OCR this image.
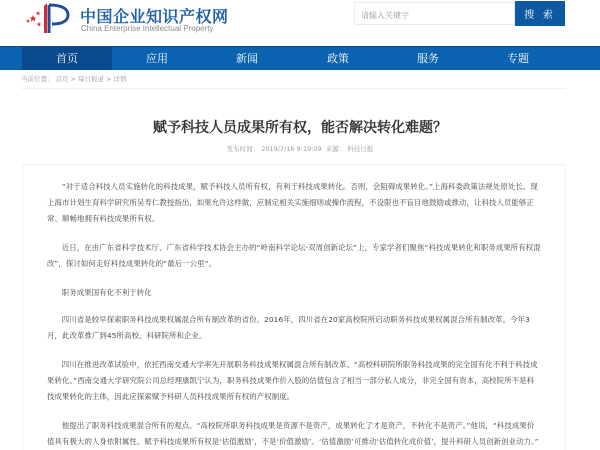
中国企业知识产权网
China Enterprise Intellectual Property
请输入关键字
搜 索
首页	应用	新闻	政策	服务	专题
当前位置： 首页 > 每日报道 > 详情
赋予科技人员成果所有权，能否解决转化难题？
发布时间： 2019/7/16 9:19:09 来源： 科技日报

“对于适合科技人员实施转化的科技成果，赋予科技人员所有权，有利于科技成果转化。否则，会阻碍成果转化。”上海科委政策法规处原处长、现上海市计划生育科学研究所吴寿仁教授指出，如果允许这样做，应制定相关实施细则或操作流程，不设限也不盲目地鼓励或推动，让科技人员能够正常、顺畅地拥有科技成果所有权。

近日，在由广东省科学技术厅、广东省科学技术协会主办的“岭南科学论坛-双周创新论坛”上，专家学者们聚焦“科技成果转化和职务成果所有权混改”，探讨如何走好科技成果转化的“最后一公里”。

职务成果国有化不利于转化

四川省是较早探索职务科技成果权属混合所有制改革的省份。2016年，四川省在20家高校院所启动职务科技成果权属混合所有制改革。今年3月，此改革推广到45所高校、科研院所和企业。

四川在推进改革试验中，依托西南交通大学率先开展职务科技成果权属混合所有制改革。“高校科研院所职务科技成果的完全国有化不利于科技成果转化。”西南交通大学研究院公司总经理康凯宁认为，职务科技成果作价入股的估值包含了相当一部分私人成分，非完全国有资本，高校院所不是科技成果转化的主体，因此应探索赋予科研人员科技成果所有权的产权制度。

他提出了职务科技成果混合所有的观点。“高校院所职务科技成果是资源不是资产，成果转化了才是资产，不转化不是资产。”他说，“科技成果价值具有极大的人身依附属性。赋予科技成果所有权是‘估值激励’，不是‘价值激励’。‘估值激励’可推动‘估值转化成价值’，提升科研人员创新创业动力。”
